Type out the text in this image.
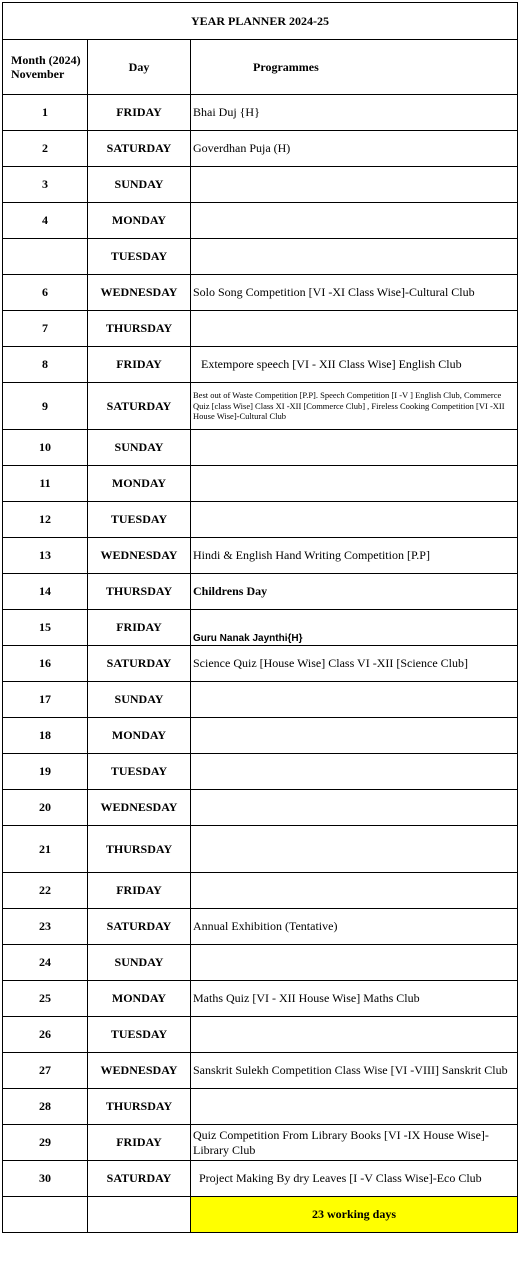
YEAR PLANNER 2024-25		
Month (2024) November	Day	Programmes
1	FRIDAY	Bhai Duj {H}
2	SATURDAY	Goverdhan Puja (H)
3	SUNDAY	
4	MONDAY	
	TUESDAY	
6	WEDNESDAY	Solo Song Competition [VI -XI Class Wise]-Cultural Club
7	THURSDAY	
8	FRIDAY	Extempore speech [VI - XII Class Wise] English Club
9	SATURDAY	Best out of Waste Competition [P.P]. Speech Competition [I -V ] English Club, Commerce Quiz [class Wise] Class XI -XII [Commerce Club] , Fireless Cooking Competition [VI -XII House Wise]-Cultural Club
10	SUNDAY	
11	MONDAY	
12	TUESDAY	
13	WEDNESDAY	Hindi & English Hand Writing Competition [P.P]
14	THURSDAY	Childrens Day
15	FRIDAY	Guru Nanak Jaynthi{H}
16	SATURDAY	Science Quiz [House Wise] Class VI -XII [Science Club]
17	SUNDAY	
18	MONDAY	
19	TUESDAY	
20	WEDNESDAY	
21	THURSDAY	
22	FRIDAY	
23	SATURDAY	Annual Exhibition (Tentative)
24	SUNDAY	
25	MONDAY	Maths Quiz [VI - XII House Wise] Maths Club
26	TUESDAY	
27	WEDNESDAY	Sanskrit Sulekh Competition Class Wise [VI -VIII] Sanskrit Club
28	THURSDAY	
29	FRIDAY	Quiz Competition From Library Books [VI -IX House Wise]-Library Club
30	SATURDAY	Project Making By dry Leaves [I -V Class Wise]-Eco Club
		23 working days
